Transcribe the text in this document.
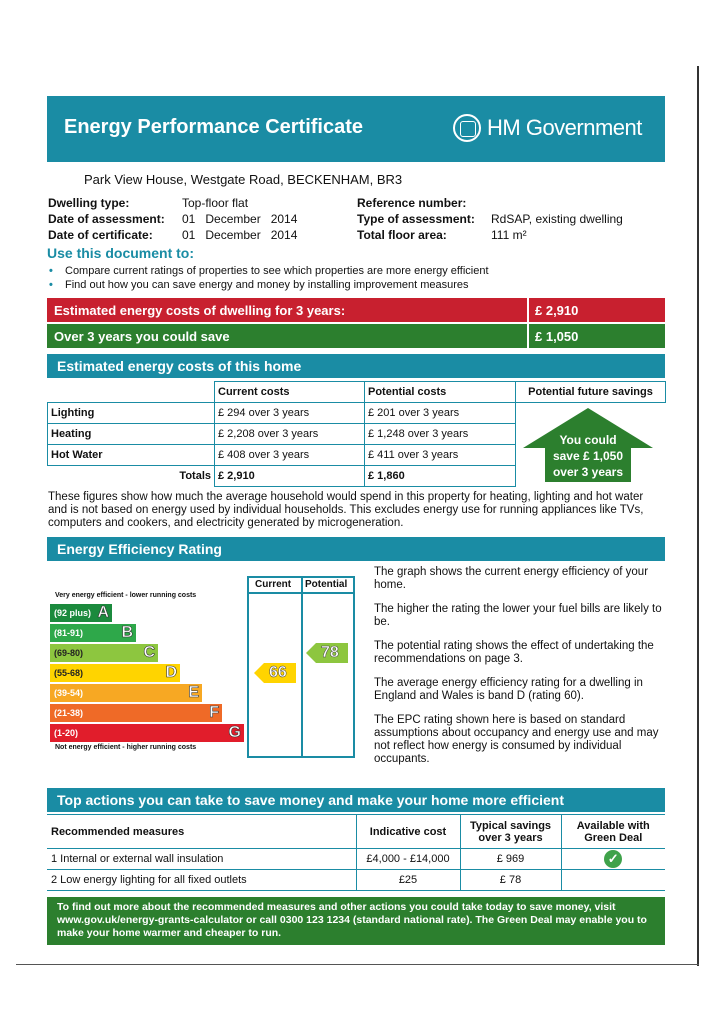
Energy Performance Certificate	HM Government
Park View House, Westgate Road, BECKENHAM, BR3
Dwelling type:	Top-floor flat
Date of assessment: 01   December   2014
Date of certificate: 01   December   2014
Reference number:
Type of assessment: RdSAP, existing dwelling
Total floor area:	111 m²
Use this document to:
• Compare current ratings of properties to see which properties are more energy efficient
• Find out how you can save energy and money by installing improvement measures
Estimated energy costs of dwelling for 3 years:	£ 2,910
Over 3 years you could save	£ 1,050
Estimated energy costs of this home
	Current costs	Potential costs	Potential future savings
Lighting	£ 294 over 3 years	£ 201 over 3 years	
Heating	£ 2,208 over 3 years	£ 1,248 over 3 years	
Hot Water	£ 408 over 3 years	£ 411 over 3 years	
Totals	£ 2,910	£ 1,860	
You could
save £ 1,050
over 3 years
These figures show how much the average household would spend in this property for heating, lighting and hot water and is not based on energy used by individual households. This excludes energy use for running appliances like TVs, computers and cookers, and electricity generated by microgeneration.
Energy Efficiency Rating
Very energy efficient - lower running costs
(92 plus) A
(81-91) B
(69-80)	C
(55-68)	D
(39-54)	E
(21-38)	F
(1-20)	G
Not energy efficient - higher running costs
Current Potential
66
78

The graph shows the current energy efficiency of your home.

The higher the rating the lower your fuel bills are likely to be.

The potential rating shows the effect of undertaking the recommendations on page 3.

The average energy efficiency rating for a dwelling in England and Wales is band D (rating 60).

The EPC rating shown here is based on standard assumptions about occupancy and energy use and may not reflect how energy is consumed by individual occupants.

Top actions you can take to save money and make your home more efficient
Recommended measures	Indicative cost	Typical savings over 3 years	Available with Green Deal
1 Internal or external wall insulation	£4,000 - £14,000	£ 969	✓
2 Low energy lighting for all fixed outlets	£25	£ 78	
To find out more about the recommended measures and other actions you could take today to save money, visit www.gov.uk/energy-grants-calculator or call 0300 123 1234 (standard national rate). The Green Deal may enable you to make your home warmer and cheaper to run.
